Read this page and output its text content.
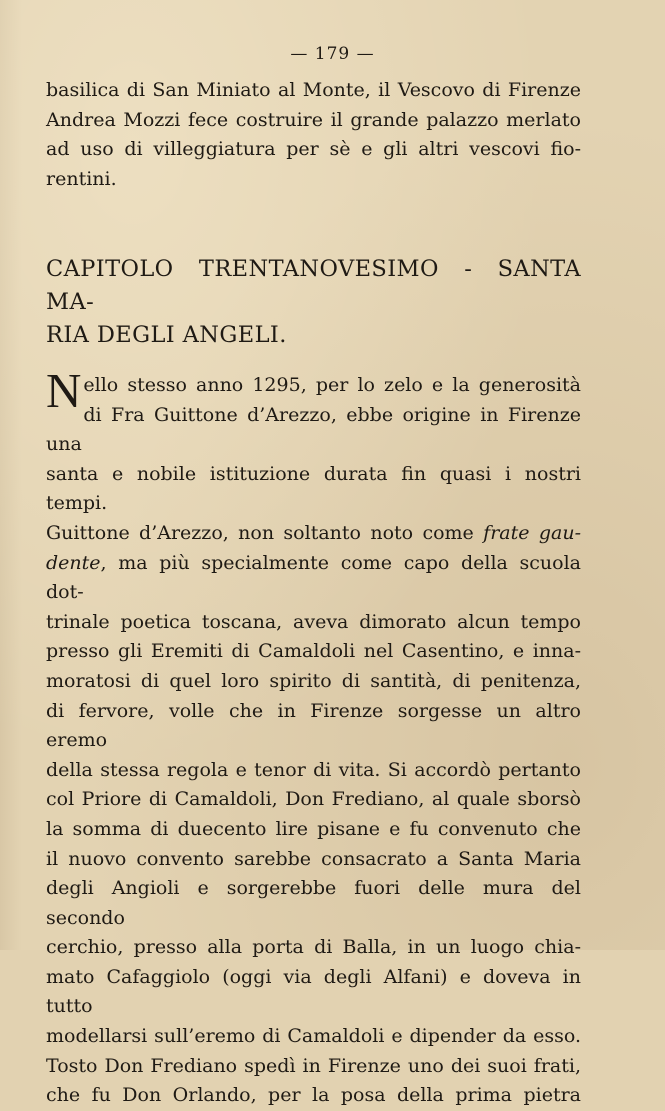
— 179 —

basilica di San Miniato al Monte, il Vescovo di Firenze

Andrea Mozzi fece costruire il grande palazzo merlato

ad uso di villeggiatura per sè e gli altri vescovi fio-

rentini.

CAPITOLO TRENTANOVESIMO - SANTA MA-
RIA DEGLI ANGELI.
N ello stesso anno 1295, per lo zelo e la generosità

di Fra Guittone d’Arezzo, ebbe origine in Firenze una

santa e nobile istituzione durata fin quasi i nostri tempi.

Guittone d’Arezzo, non soltanto noto come frate gau-

dente, ma più specialmente come capo della scuola dot-

trinale poetica toscana, aveva dimorato alcun tempo

presso gli Eremiti di Camaldoli nel Casentino, e inna-

moratosi di quel loro spirito di santità, di penitenza,

di fervore, volle che in Firenze sorgesse un altro eremo

della stessa regola e tenor di vita. Si accordò pertanto

col Priore di Camaldoli, Don Frediano, al quale sborsò

la somma di duecento lire pisane e fu convenuto che

il nuovo convento sarebbe consacrato a Santa Maria

degli Angioli e sorgerebbe fuori delle mura del secondo

cerchio, presso alla porta di Balla, in un luogo chia-

mato Cafaggiolo (oggi via degli Alfani) e doveva in tutto

modellarsi sull’eremo di Camaldoli e dipender da esso.

Tosto Don Frediano spedì in Firenze uno dei suoi frati,

che fu Don Orlando, per la posa della prima pietra
